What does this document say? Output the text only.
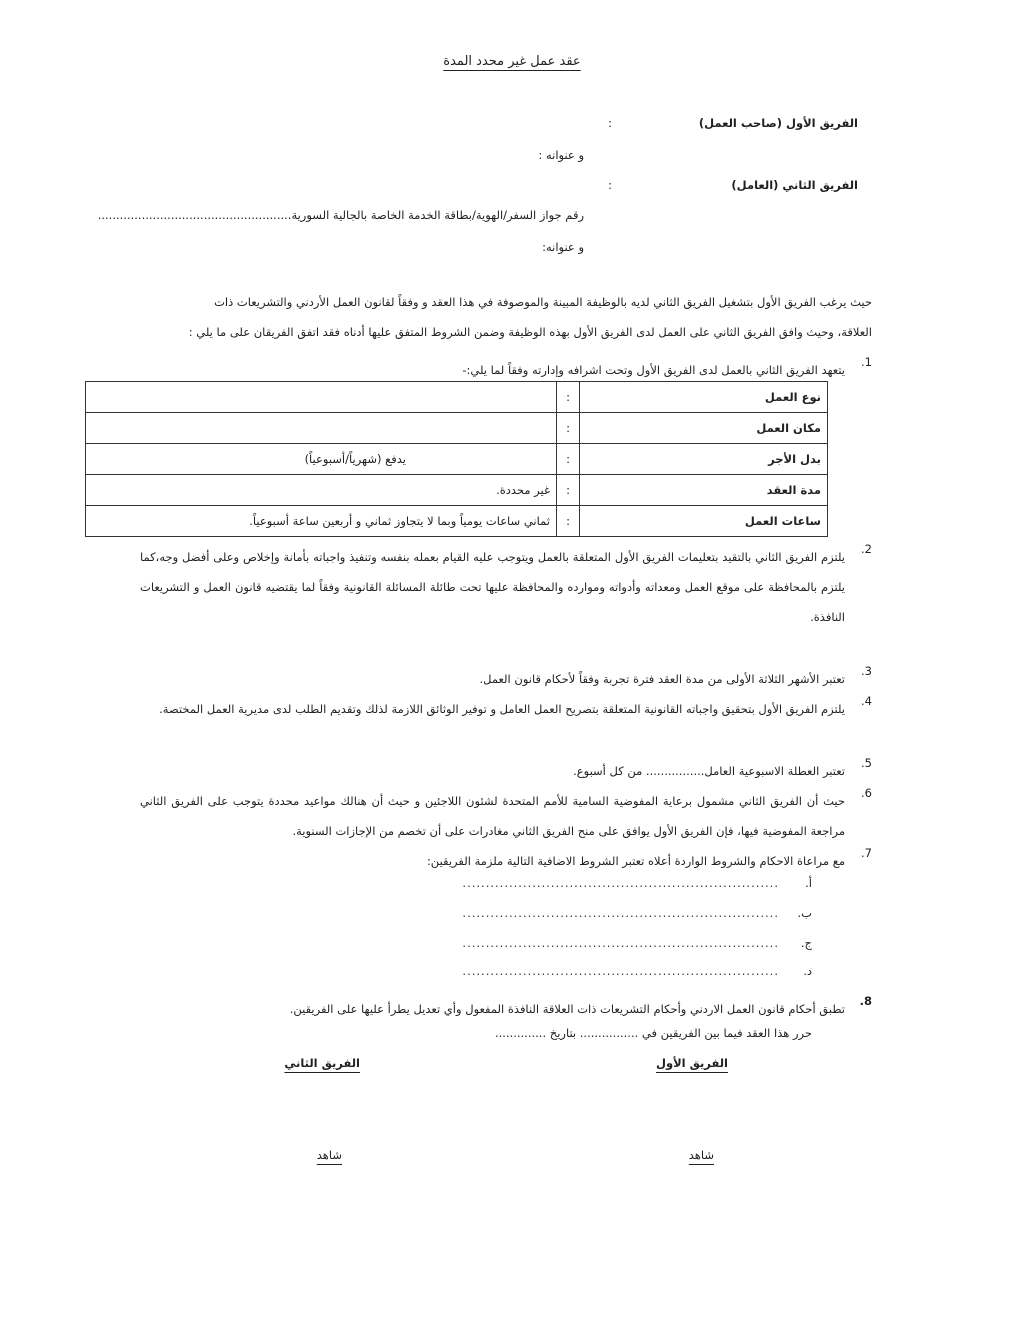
عقد عمل غير محدد المدة
الفريق الأول (صاحب العمل)
:
و عنوانه :
الفريق الثاني (العامل)
:
رقم جواز السفر/الهوية/بطاقة الخدمة الخاصة بالجالية السورية.....................................................
و عنوانه:
حيث يرغب الفريق الأول بتشغيل الفريق الثاني لديه بالوظيفة المبينة والموصوفة في هذا العقد و وفقاً لقانون العمل الأردني والتشريعات ذات
العلاقة، وحيث وافق الفريق الثاني على العمل لدى الفريق الأول بهذه الوظيفة وضمن الشروط المتفق عليها أدناه فقد اتفق الفريقان على ما يلي :
1.
يتعهد الفريق الثاني بالعمل لدى الفريق الأول وتحت اشرافه وإدارته وفقاً لما يلي:-
نوع العمل	:	
مكان العمل	:	
بدل الأجر	:	يدفع (شهرياً/أسبوعياً)
مدة العقد	:	غير محددة.
ساعات العمل	:	ثماني ساعات يومياً وبما لا يتجاوز ثماني و أربعين ساعة أسبوعياً.
2.
يلتزم الفريق الثاني بالتقيد بتعليمات الفريق الأول المتعلقة بالعمل ويتوجب عليه القيام بعمله بنفسه وتنفيذ واجباته بأمانة وإخلاص وعلى أفضل وجه،كما يلتزم بالمحافظة على موقع العمل ومعداته وأدواته وموارده والمحافظة عليها تحت طائلة المسائلة القانونية وفقاً لما يقتضيه قانون العمل و التشريعات النافذة.
3.
تعتبر الأشهر الثلاثة الأولى من مدة العقد فترة تجربة وفقاً لأحكام قانون العمل.
4.
يلتزم الفريق الأول بتحقيق واجباته القانونية المتعلقة بتصريح العمل العامل و توفير الوثائق اللازمة لذلك وتقديم الطلب لدى مديرية العمل المختصة.
5.
تعتبر العطلة الاسبوعية العامل................ من كل أسبوع.
6.
حيث أن الفريق الثاني مشمول برعاية المفوضية السامية للأمم المتحدة لشئون اللاجئين و حيث أن هنالك مواعيد محددة يتوجب على الفريق الثاني مراجعة المفوضية فيها، فإن الفريق الأول يوافق على منح الفريق الثاني مغادرات على أن تخصم من الإجازات السنوية.
7.
مع مراعاة الاحكام والشروط الواردة أعلاه تعتبر الشروط الاضافية التالية ملزمة الفريقين:
أ.
....................................................................
ب.
....................................................................
ج.
....................................................................
د.
....................................................................
8.
تطبق أحكام قانون العمل الاردني وأحكام التشريعات ذات العلاقة النافذة المفعول وأي تعديل يطرأ عليها على الفريقين.
حرر هذا العقد فيما بين الفريقين في ................ بتاريخ ..............
الفريق الأول
الفريق الثاني
شاهد
شاهد
